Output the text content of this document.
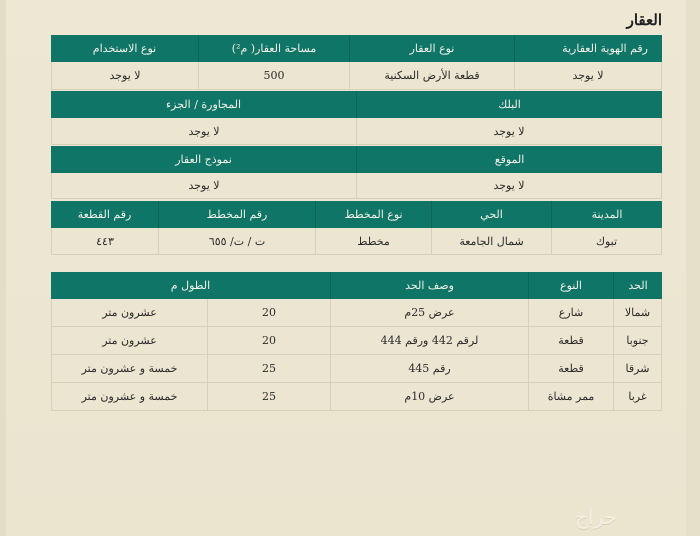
العقار
رقم الهوية العقارية
نوع العقار
مساحة العقار( م²)
نوع الاستخدام
لا يوجد
قطعة الأرض السكنية
500
لا يوجد
البلك
المجاورة / الجزء
لا يوجد
لا يوجد
الموقع
نموذج العقار
لا يوجد
لا يوجد
المدينة
الحي
نوع المخطط
رقم المخطط
رقم القطعة
تبوك
شمال الجامعة
مخطط
ت / ت/ ٦٥٥
٤٤٣
الحد
النوع
وصف الحد
الطول م
شمالا
شارع
عرض 25م
20
عشرون متر
جنوبا
قطعة
لرقم 442 ورقم 444
20
عشرون متر
شرقا
قطعة
رقم 445
25
خمسة و عشرون متر
غربا
ممر مشاة
عرض 10م
25
خمسة و عشرون متر
حراج
